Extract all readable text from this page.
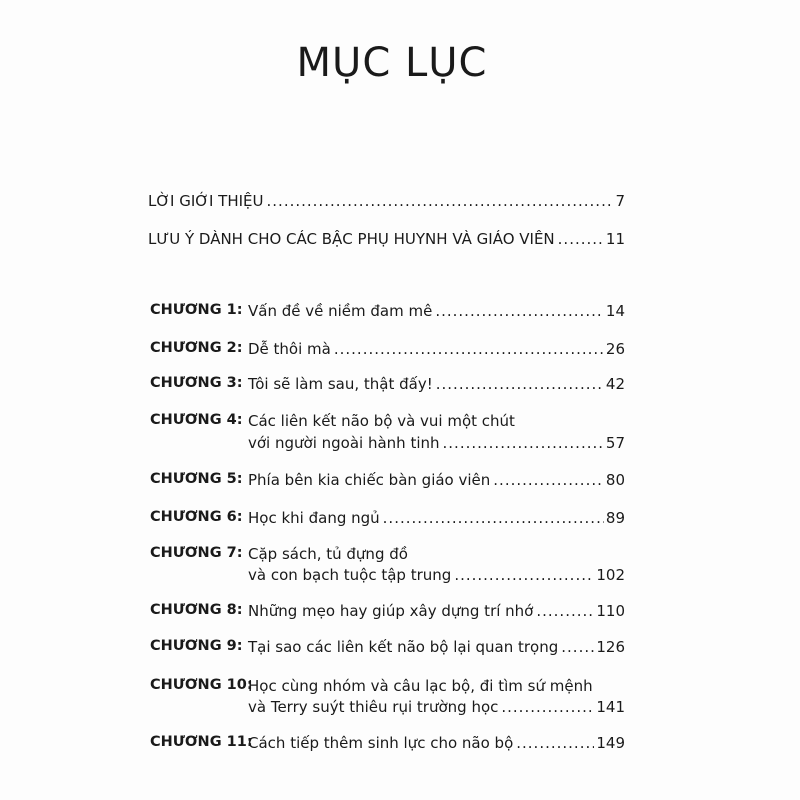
MỤC LỤC
LỜI GIỚI THIỆU .....	7
LƯU Ý DÀNH CHO CÁC BẬC PHỤ HUYNH VÀ GIÁO VIÊN .....	11
CHƯƠNG 1: Vấn đề về niềm đam mê .....	14
CHƯƠNG 2: Dễ thôi mà .....	26
CHƯƠNG 3: Tôi sẽ làm sau, thật đấy! .....	42
CHƯƠNG 4: Các liên kết não bộ và vui một chút
với người ngoài hành tinh .....	57
CHƯƠNG 5: Phía bên kia chiếc bàn giáo viên .....	80
CHƯƠNG 6: Học khi đang ngủ .....	89
CHƯƠNG 7: Cặp sách, tủ đựng đồ
và con bạch tuộc tập trung .....	102
CHƯƠNG 8: Những mẹo hay giúp xây dựng trí nhớ .....	110
CHƯƠNG 9: Tại sao các liên kết não bộ lại quan trọng .....	126
CHƯƠNG 10:
Học cùng nhóm và câu lạc bộ, đi tìm sứ mệnh
và Terry suýt thiêu rụi trường học .....	141
CHƯƠNG 11:
Cách tiếp thêm sinh lực cho não bộ .....	149
